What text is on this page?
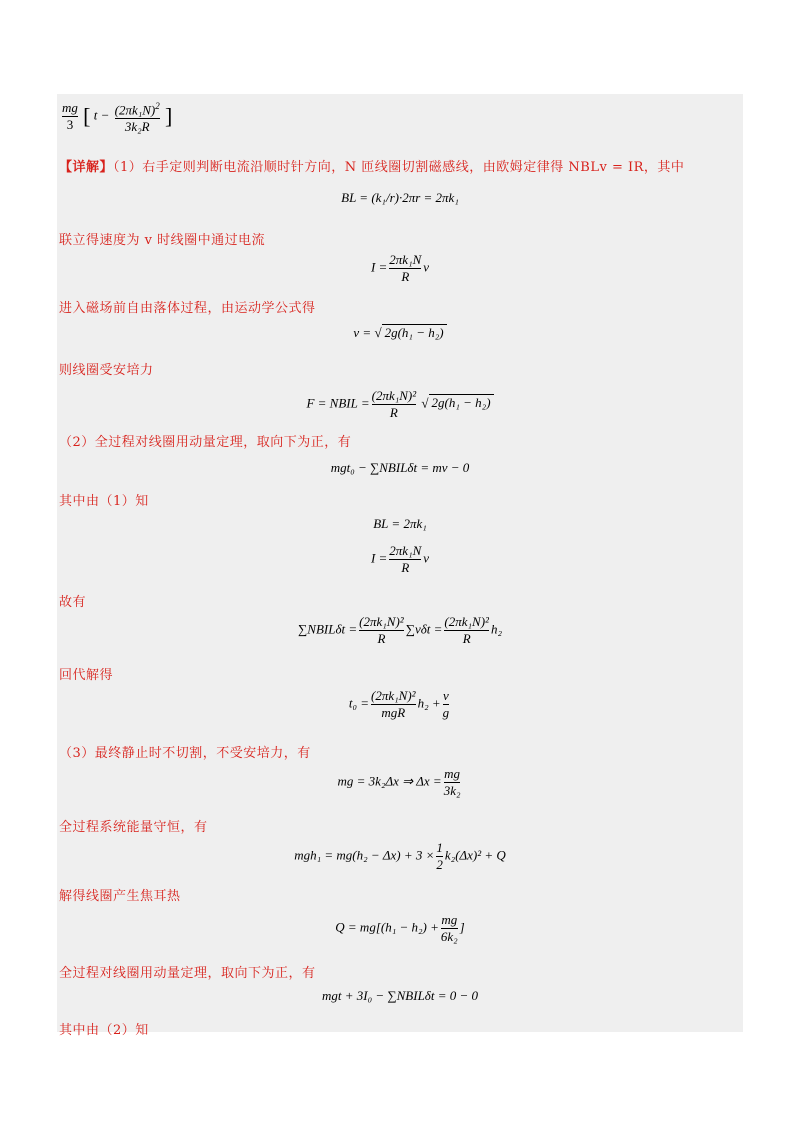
$\frac{mg}{3}$ [ $t - \frac{(2\pi k_1N)^2}{\text{3k₂R}}$ ]
【详解】（1）右手定则判断电流沿顺时针方向，N 匝线圈切割磁感线，由欧姆定律得 NBLv = IR，其中
BL = (k₁/r)·2πr = 2πk₁
联立得速度为 v 时线圈中通过电流
$I = \frac{\text{2πk₁N}}{R}$ v
进入磁场前自由落体过程，由运动学公式得
v = √ 2g(h₁ − h₂)
则线圈受安培力
F = NBIL = $\frac{\text{(2πk₁N)²}}{R}$ √ 2g(h₁ − h₂)
（2）全过程对线圈用动量定理，取向下为正，有
mgt₀ − ∑NBILδt = mv − 0
其中由（1）知
BL = 2πk₁
$I = \frac{\text{2πk₁N}}{R}$ v
故有
∑NBILδt = $\frac{\text{(2πk₁N)²}}{R} \sum v\delta t = \frac{\text{(2πk₁N)²}}{R} h_2$
回代解得
$t_0 = \frac{\text{(2πk₁N)²}}{\text{mgR}} h_2 + \frac{v}{g}$
（3）最终静止时不切割，不受安培力，有
mg = 3k₂Δx ⇒ $\Delta x = \frac{mg}{\text{3k₂}}$
全过程系统能量守恒，有
$mgh_1 = mg(h_2 - \Delta x) + 3 \times \frac{1}{2} k_2(\Delta x)^2 + Q$
解得线圈产生焦耳热
$Q = mg[(h_1 - h_2) + \frac{mg}{\text{6k₂}}$ ]
全过程对线圈用动量定理，取向下为正，有
mgt + 3I₀ − ∑NBILδt = 0 − 0
其中由（2）知
